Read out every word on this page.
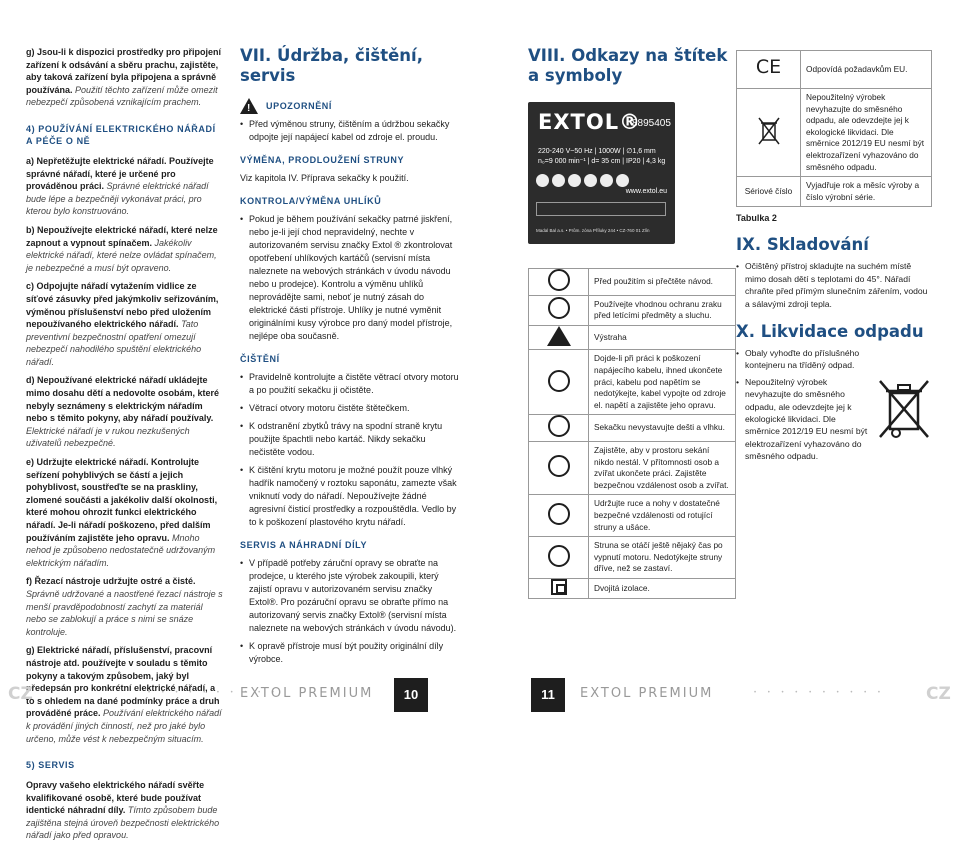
g) Jsou-li k dispozici prostředky pro připojení zařízení k odsávání a sběru prachu, zajistěte, aby taková zařízení byla připojena a správně používána. Použití těchto zařízení může omezit nebezpečí způsobená vznikajícím prachem.

4) POUŽÍVÁNÍ ELEKTRICKÉHO NÁŘADÍ A PÉČE O NĚ

a) Nepřetěžujte elektrické nářadí. Používejte správné nářadí, které je určené pro prováděnou práci. Správné elektrické nářadí bude lépe a bezpečněji vykonávat práci, pro kterou bylo konstruováno.

b) Nepoužívejte elektrické nářadí, které nelze zapnout a vypnout spínačem. Jakékoliv elektrické nářadí, které nelze ovládat spínačem, je nebezpečné a musí být opraveno.

c) Odpojujte nářadí vytažením vidlice ze síťové zásuvky před jakýmkoliv seřizováním, výměnou příslušenství nebo před uložením nepoužívaného elektrického nářadí. Tato preventivní bezpečnostní opatření omezují nebezpečí nahodilého spuštění elektrického nářadí.

d) Nepoužívané elektrické nářadí ukládejte mimo dosahu dětí a nedovolte osobám, které nebyly seznámeny s elektrickým nářadím nebo s těmito pokyny, aby nářadí používaly. Elektrické nářadí je v rukou nezkušených uživatelů nebezpečné.

e) Udržujte elektrické nářadí. Kontrolujte seřízení pohyblivých se částí a jejich pohyblivost, soustřeďte se na praskliny, zlomené součásti a jakékoliv další okolnosti, které mohou ohrozit funkci elektrického nářadí. Je-li nářadí poškozeno, před dalším používáním zajistěte jeho opravu. Mnoho nehod je způsobeno nedostatečně udržovaným elektrickým nářadím.

f) Řezací nástroje udržujte ostré a čisté. Správně udržované a naostřené řezací nástroje s menší pravděpodobností zachytí za materiál nebo se zablokují a práce s nimi se snáze kontroluje.

g) Elektrické nářadí, příslušenství, pracovní nástroje atd. používejte v souladu s těmito pokyny a takovým způsobem, jaký byl předepsán pro konkrétní elektrické nářadí, a to s ohledem na dané podmínky práce a druh prováděné práce. Používání elektrického nářadí k provádění jiných činností, než pro jaké bylo určeno, může vést k nebezpečným situacím.

5) SERVIS

Opravy vašeho elektrického nářadí svěřte kvalifikované osobě, které bude používat identické náhradní díly. Tímto způsobem bude zajištěna stejná úroveň bezpečnosti elektrického nářadí jako před opravou.

VII. Údržba, čištění, servis
! UPOZORNĚNÍ
• Před výměnou struny, čištěním a údržbou sekačky odpojte její napájecí kabel od zdroje el. proudu.
VÝMĚNA, PRODLOUŽENÍ STRUNY
Viz kapitola IV. Příprava sekačky k použití.
KONTROLA/VÝMĚNA UHLÍKŮ
• Pokud je během používání sekačky patrné jiskření, nebo je-li její chod nepravidelný, nechte v autorizovaném servisu značky Extol ® zkontrolovat opotřebení uhlíkových kartáčů (servisní místa naleznete na webových stránkách v úvodu návodu nebo u prodejce). Kontrolu a výměnu uhlíků neprovádějte sami, neboť je nutný zásah do elektrické části přístroje. Uhlíky je nutné vyměnit originálními kusy výrobce pro daný model přístroje, nejlépe oba současně.
ČIŠTĚNÍ
• Pravidelně kontrolujte a čistěte větrací otvory motoru a po použití sekačku ji očistěte.
• Větrací otvory motoru čistěte štětečkem.
• K odstranění zbytků trávy na spodní straně krytu použijte špachtli nebo kartáč. Nikdy sekačku nečistěte vodou.
• K čištění krytu motoru je možné použít pouze vlhký hadřík namočený v roztoku saponátu, zamezte však vniknutí vody do nářadí. Nepoužívejte žádné agresivní čisticí prostředky a rozpouštědla. Vedlo by to k poškození plastového krytu nářadí.
SERVIS A NÁHRADNÍ DÍLY
• V případě potřeby záruční opravy se obraťte na prodejce, u kterého jste výrobek zakoupili, který zajistí opravu v autorizovaném servisu značky Extol®. Pro pozáruční opravu se obraťte přímo na autorizovaný servis značky Extol® (servisní místa naleznete na webových stránkách v úvodu návodu).
• K opravě přístroje musí být použity originální díly výrobce.
VIII. Odkazy na štítek a symboly
EXTOL®
8895405
220-240 V~50 Hz | 1000W | ∅1,6 mm
n₀=9 000 min⁻¹ | d= 35 cm | IP20 | 4,3 kg
www.extol.eu
Madal Bal a.s. • Prům. zóna Příluky 244 • CZ-760 01 Zlín
	Před použitím si přečtěte návod.
	Používejte vhodnou ochranu zraku před letícími předměty a sluchu.
	Výstraha
	Dojde-li při práci k poškození napájecího kabelu, ihned ukončete práci, kabelu pod napětím se nedotýkejte, kabel vypojte od zdroje el. napětí a zajistěte jeho opravu.
	Sekačku nevystavujte dešti a vlhku.
	Zajistěte, aby v prostoru sekání nikdo nestál. V přítomnosti osob a zvířat ukončete práci. Zajistěte bezpečnou vzdálenost osob a zvířat.
	Udržujte ruce a nohy v dostatečné bezpečné vzdálenosti od rotující struny a ušáce.
	Struna se otáčí ještě nějaký čas po vypnutí motoru. Nedotýkejte struny dříve, než se zastaví.
	Dvojitá izolace.
CE	Odpovídá požadavkům EU.
	Nepoužitelný výrobek nevyhazujte do směsného odpadu, ale odevzdejte jej k ekologické likvidaci. Dle směrnice 2012/19 EU nesmí být elektrozařízení vyhazováno do směsného odpadu.
Sériové číslo	Vyjadřuje rok a měsíc výroby a číslo výrobní série.
Tabulka 2
IX. Skladování
• Očištěný přístroj skladujte na suchém místě mimo dosah dětí s teplotami do 45°. Nářadí chraňte před přímým slunečním zářením, vodou a sálavými zdroji tepla.
X. Likvidace odpadu
• Obaly vyhoďte do příslušného kontejneru na tříděný odpad.
• Nepoužitelný výrobek nevyhazujte do směsného odpadu, ale odevzdejte jej k ekologické likvidaci. Dle směrnice 2012/19 EU nesmí být elektrozařízení vyhazováno do směsného odpadu.
CZ	• • • • • • • • • •
EXTOL PREMIUM	10	11	EXTOL PREMIUM	• • • • • • • • • • CZ
